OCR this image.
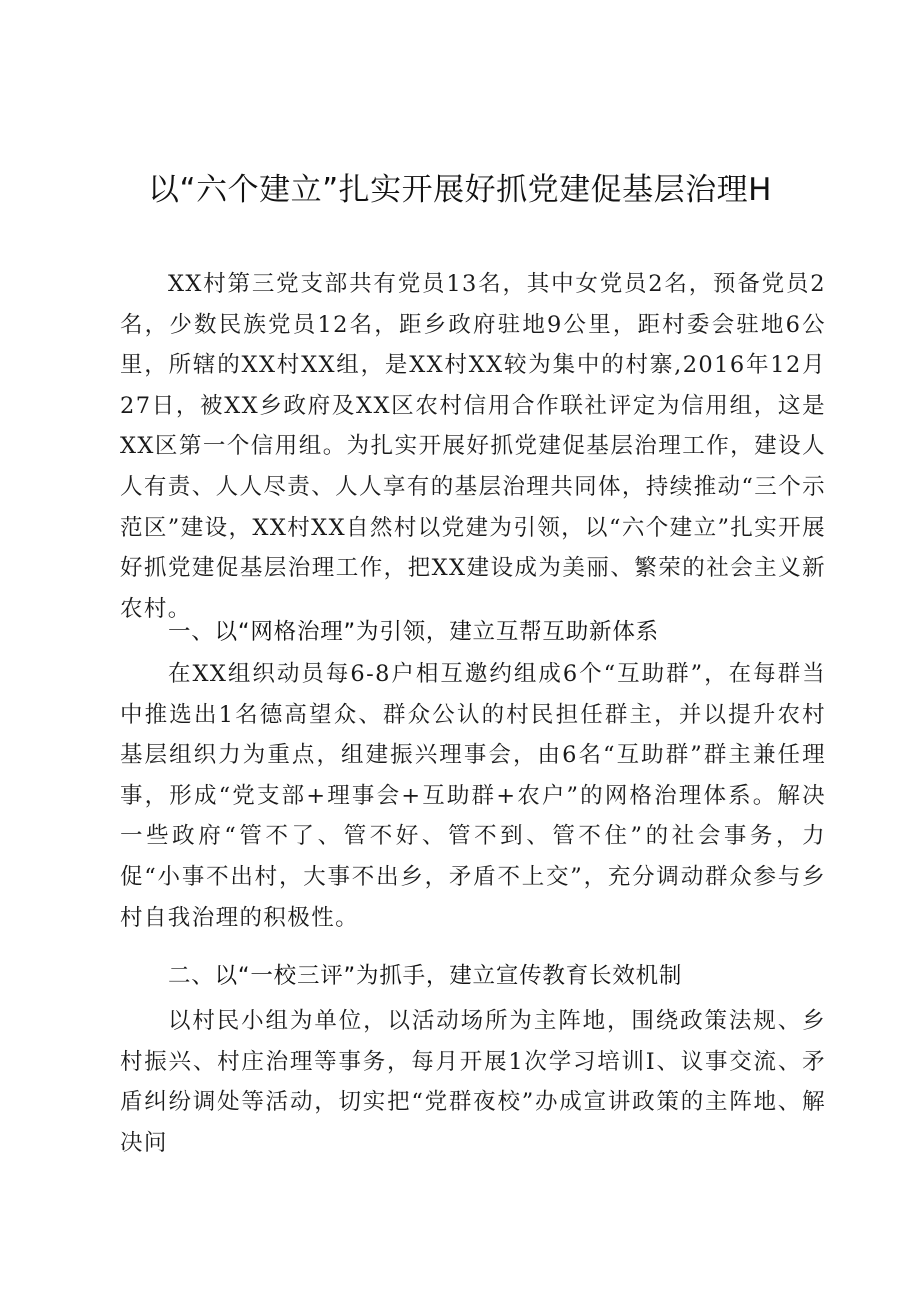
以“六个建立”扎实开展好抓党建促基层治理H

XX村第三党支部共有党员13名，其中女党员2名，预备党员2名，少数民族党员12名，距乡政府驻地9公里，距村委会驻地6公里，所辖的XX村XX组，是XX村XX较为集中的村寨,2016年12月27日，被XX乡政府及XX区农村信用合作联社评定为信用组，这是XX区第一个信用组。为扎实开展好抓党建促基层治理工作，建设人人有责、人人尽责、人人享有的基层治理共同体，持续推动“三个示范区”建设，XX村XX自然村以党建为引领，以“六个建立”扎实开展好抓党建促基层治理工作，把XX建设成为美丽、繁荣的社会主义新农村。

一、以“网格治理”为引领，建立互帮互助新体系

在XX组织动员每6-8户相互邀约组成6个“互助群”，在每群当中推选出1名德高望众、群众公认的村民担任群主，并以提升农村基层组织力为重点，组建振兴理事会，由6名“互助群”群主兼任理事，形成“党支部+理事会+互助群+农户”的网格治理体系。解决一些政府“管不了、管不好、管不到、管不住”的社会事务，力促“小事不出村，大事不出乡，矛盾不上交”，充分调动群众参与乡村自我治理的积极性。

二、以“一校三评”为抓手，建立宣传教育长效机制

以村民小组为单位，以活动场所为主阵地，围绕政策法规、乡村振兴、村庄治理等事务，每月开展1次学习培训I、议事交流、矛盾纠纷调处等活动，切实把“党群夜校”办成宣讲政策的主阵地、解决问
